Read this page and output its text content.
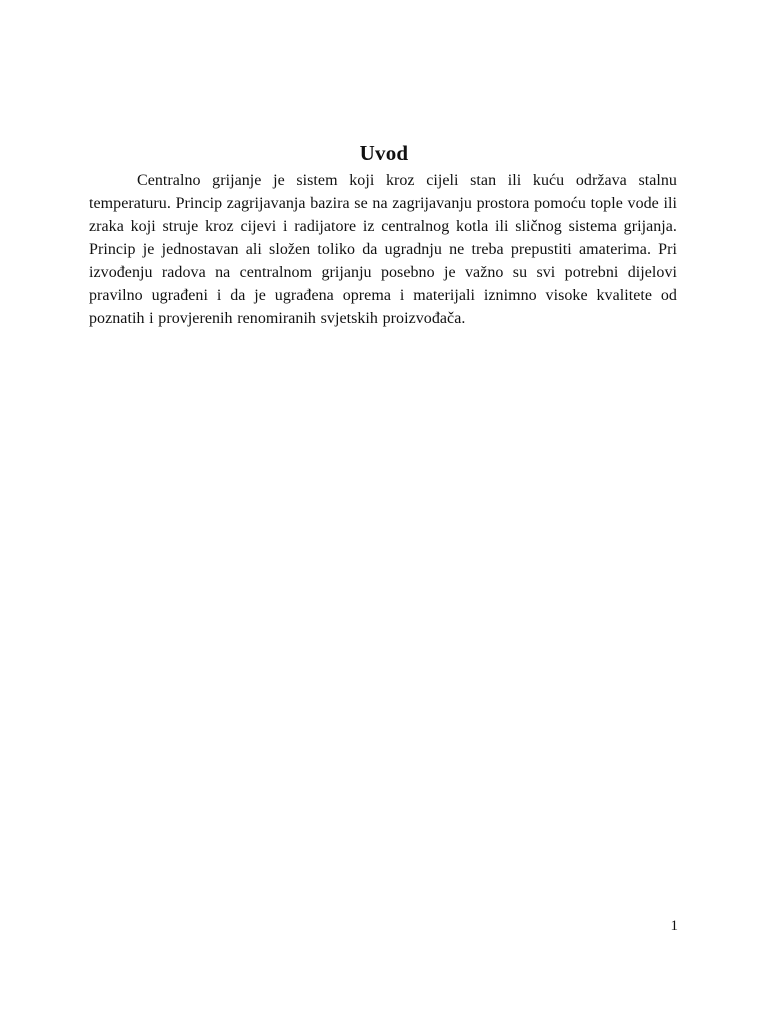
Uvod

Centralno grijanje je sistem koji kroz cijeli stan ili kuću održava stalnu temperaturu. Princip zagrijavanja bazira se na zagrijavanju prostora pomoću tople vode ili zraka koji struje kroz cijevi i radijatore iz centralnog kotla ili sličnog sistema grijanja. Princip je jednostavan ali složen toliko da ugradnju ne treba prepustiti amaterima. Pri izvođenju radova na centralnom grijanju posebno je važno su svi potrebni dijelovi pravilno ugrađeni i da je ugrađena oprema i materijali iznimno visoke kvalitete od poznatih i provjerenih renomiranih svjetskih proizvođača.

1
